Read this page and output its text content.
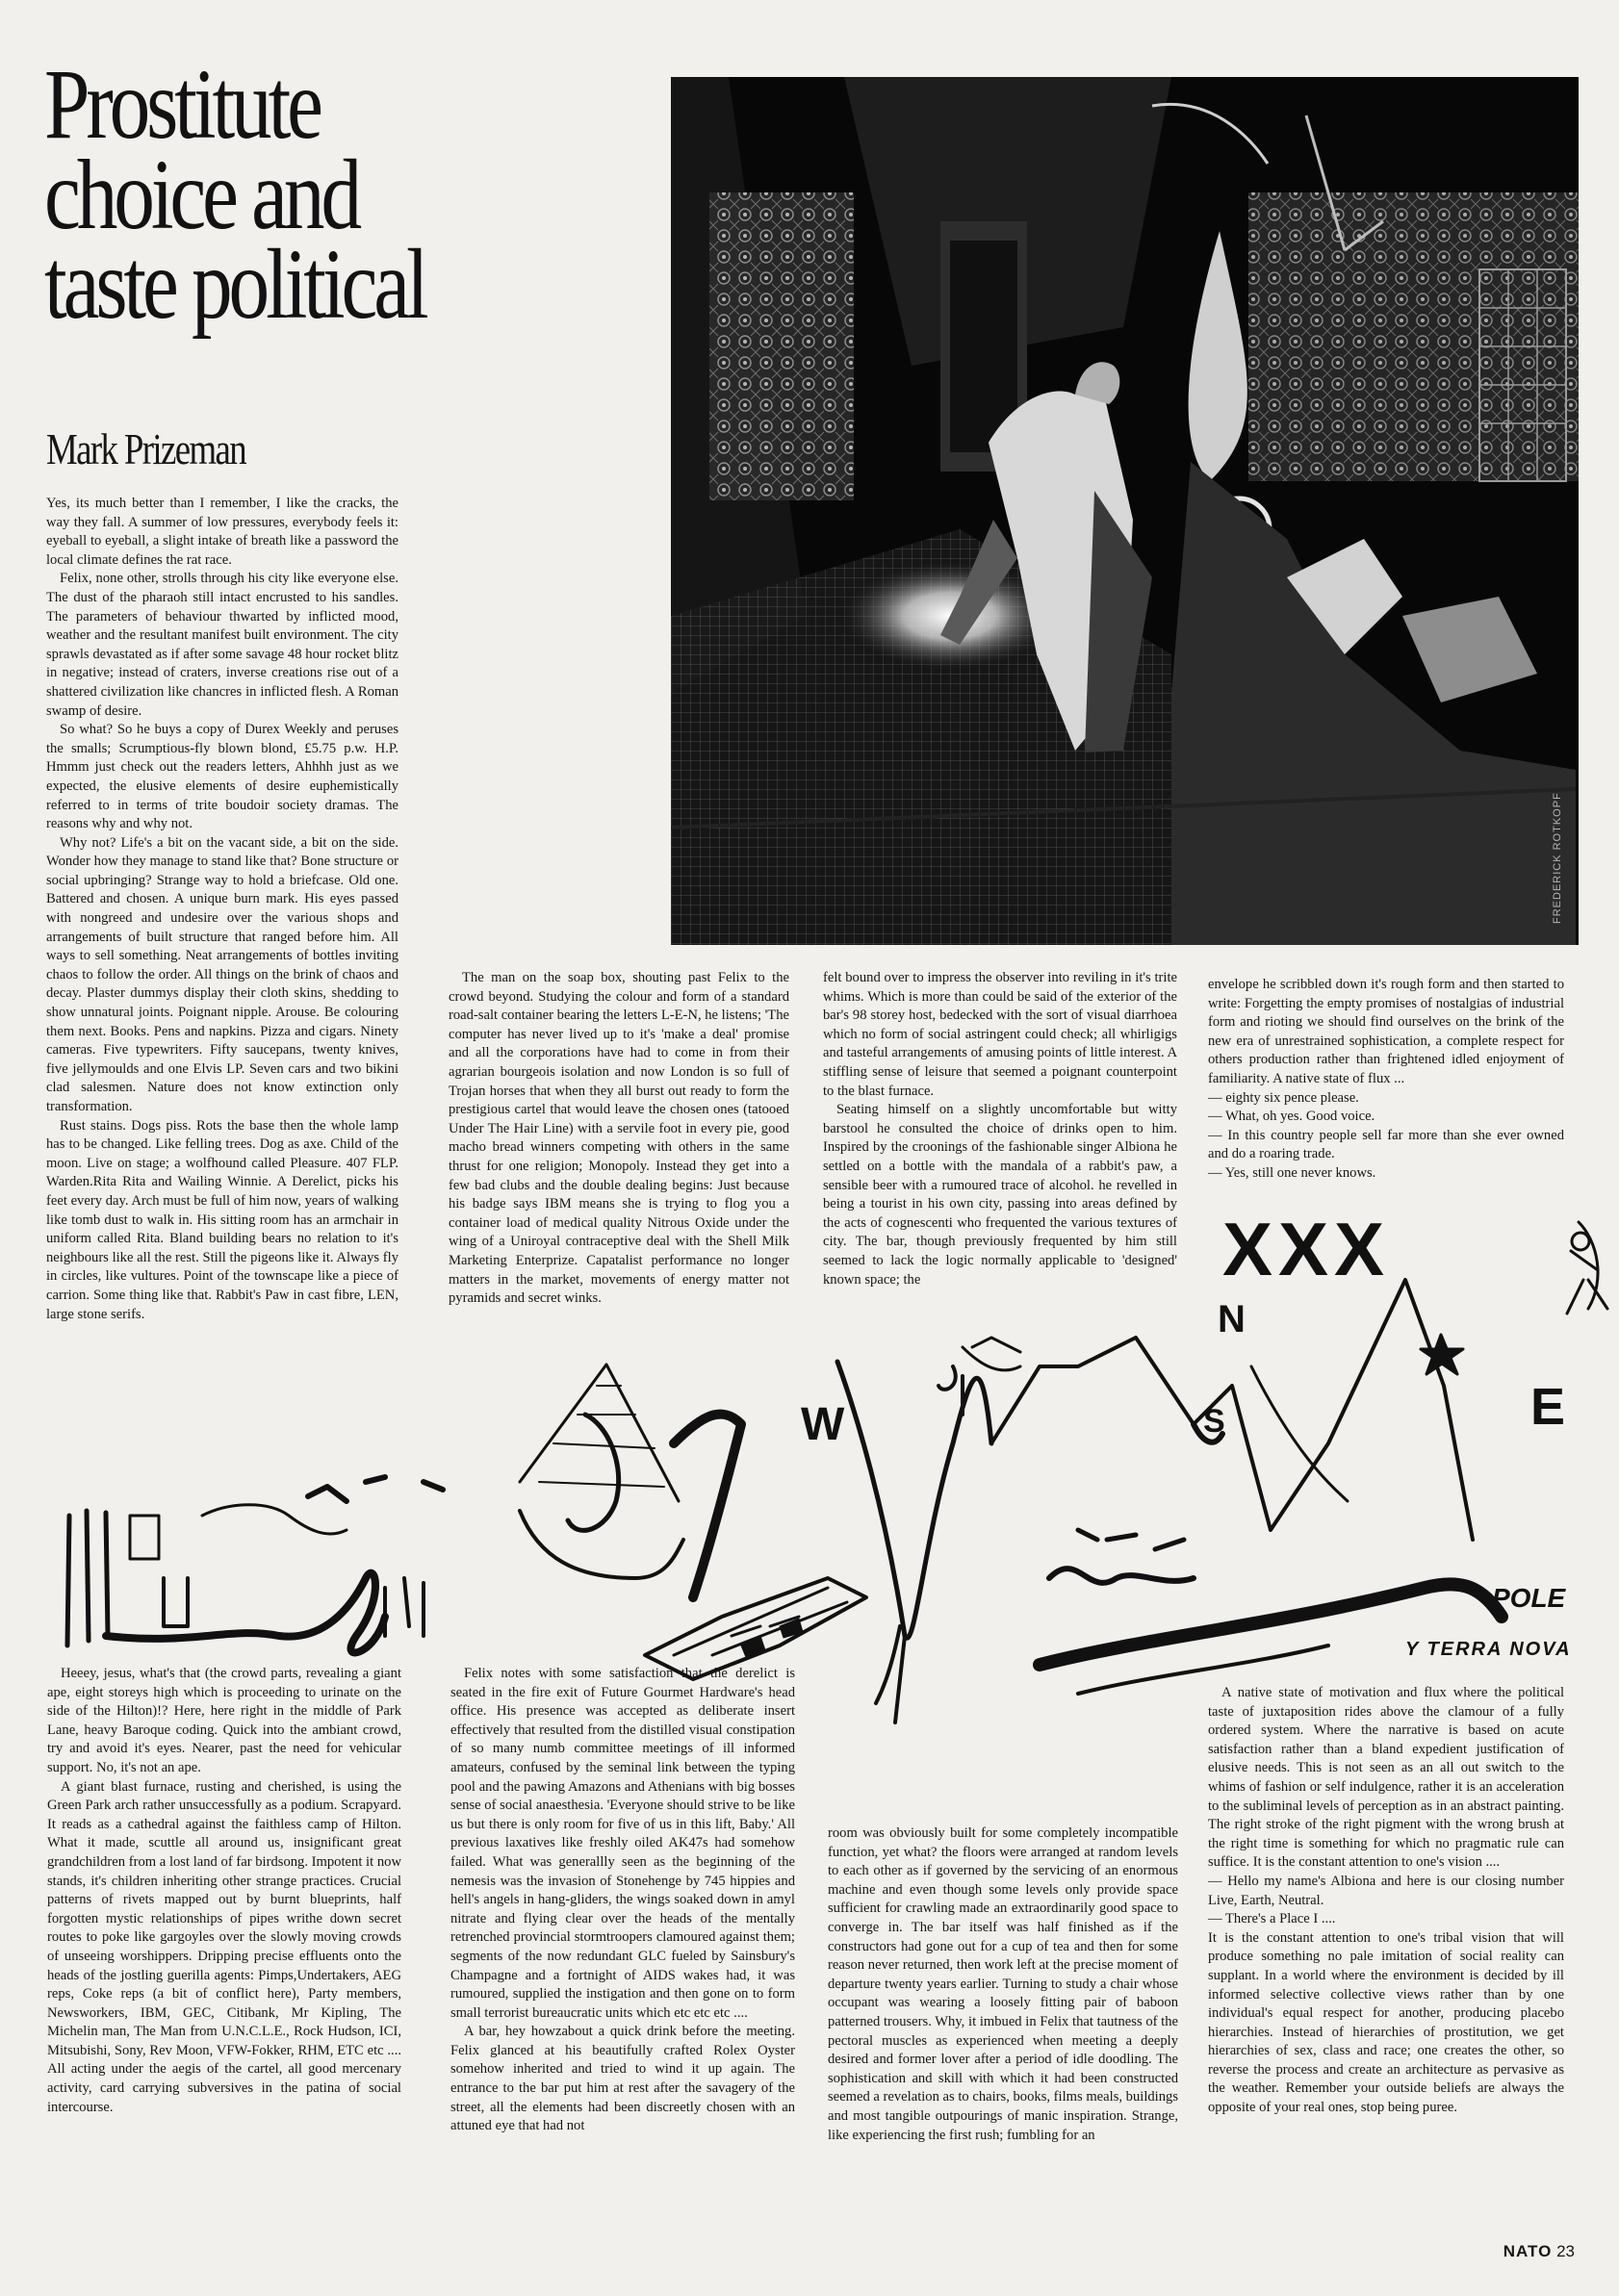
Prostitute
choice and
taste political
Mark Prizeman
FREDERICK ROTKOPF

Yes, its much better than I remember, I like the cracks, the way they fall. A summer of low pressures, everybody feels it: eyeball to eyeball, a slight intake of breath like a password the local climate defines the rat race.

Felix, none other, strolls through his city like everyone else. The dust of the pharaoh still intact encrusted to his sandles. The parameters of behaviour thwarted by inflicted mood, weather and the resultant manifest built environment. The city sprawls devastated as if after some savage 48 hour rocket blitz in negative; instead of craters, inverse creations rise out of a shattered civilization like chancres in inflicted flesh. A Roman swamp of desire.

So what? So he buys a copy of Durex Weekly and peruses the smalls; Scrumptious-fly blown blond, £5.75 p.w. H.P. Hmmm just check out the readers letters, Ahhhh just as we expected, the elusive elements of desire euphemistically referred to in terms of trite boudoir society dramas. The reasons why and why not.

Why not? Life's a bit on the vacant side, a bit on the side. Wonder how they manage to stand like that? Bone structure or social upbringing? Strange way to hold a briefcase. Old one. Battered and chosen. A unique burn mark. His eyes passed with nongreed and undesire over the various shops and arrangements of built structure that ranged before him. All ways to sell something. Neat arrangements of bottles inviting chaos to follow the order. All things on the brink of chaos and decay. Plaster dummys display their cloth skins, shedding to show unnatural joints. Poignant nipple. Arouse. Be colouring them next. Books. Pens and napkins. Pizza and cigars. Ninety cameras. Five typewriters. Fifty saucepans, twenty knives, five jellymoulds and one Elvis LP. Seven cars and two bikini clad salesmen. Nature does not know extinction only transformation.

Rust stains. Dogs piss. Rots the base then the whole lamp has to be changed. Like felling trees. Dog as axe. Child of the moon. Live on stage; a wolfhound called Pleasure. 407 FLP. Warden.Rita Rita and Wailing Winnie. A Derelict, picks his feet every day. Arch must be full of him now, years of walking like tomb dust to walk in. His sitting room has an armchair in uniform called Rita. Bland building bears no relation to it's neighbours like all the rest. Still the pigeons like it. Always fly in circles, like vultures. Point of the townscape like a piece of carrion. Some thing like that. Rabbit's Paw in cast fibre, LEN, large stone serifs.

The man on the soap box, shouting past Felix to the crowd beyond. Studying the colour and form of a standard road-salt container bearing the letters L-E-N, he listens; 'The computer has never lived up to it's 'make a deal' promise and all the corporations have had to come in from their agrarian bourgeois isolation and now London is so full of Trojan horses that when they all burst out ready to form the prestigious cartel that would leave the chosen ones (tatooed Under The Hair Line) with a servile foot in every pie, good macho bread winners competing with others in the same thrust for one religion; Monopoly. Instead they get into a few bad clubs and the double dealing begins: Just because his badge says IBM means she is trying to flog you a container load of medical quality Nitrous Oxide under the wing of a Uniroyal contraceptive deal with the Shell Milk Marketing Enterprize. Capatalist performance no longer matters in the market, movements of energy matter not pyramids and secret winks.

felt bound over to impress the observer into reviling in it's trite whims. Which is more than could be said of the exterior of the bar's 98 storey host, bedecked with the sort of visual diarrhoea which no form of social astringent could check; all whirligigs and tasteful arrangements of amusing points of little interest. A stiffling sense of leisure that seemed a poignant counterpoint to the blast furnace.

Seating himself on a slightly uncomfortable but witty barstool he consulted the choice of drinks open to him. Inspired by the croonings of the fashionable singer Albiona he settled on a bottle with the mandala of a rabbit's paw, a sensible beer with a rumoured trace of alcohol. he revelled in being a tourist in his own city, passing into areas defined by the acts of cognescenti who frequented the various textures of city. The bar, though previously frequented by him still seemed to lack the logic normally applicable to 'designed' known space; the

envelope he scribbled down it's rough form and then started to write: Forgetting the empty promises of nostalgias of industrial form and rioting we should find ourselves on the brink of the new era of unrestrained sophistication, a complete respect for others production rather than frightened idled enjoyment of familiarity. A native state of flux ...

— eighty six pence please.

— What, oh yes. Good voice.

— In this country people sell far more than she ever owned and do a roaring trade.

— Yes, still one never knows.

W
XXX
N
E
S
POLE
Y TERRA NOVA

Heeey, jesus, what's that (the crowd parts, revealing a giant ape, eight storeys high which is proceeding to urinate on the side of the Hilton)!? Here, here right in the middle of Park Lane, heavy Baroque coding. Quick into the ambiant crowd, try and avoid it's eyes. Nearer, past the need for vehicular support. No, it's not an ape.

A giant blast furnace, rusting and cherished, is using the Green Park arch rather unsuccessfully as a podium. Scrapyard. It reads as a cathedral against the faithless camp of Hilton. What it made, scuttle all around us, insignificant great grandchildren from a lost land of far birdsong. Impotent it now stands, it's children inheriting other strange practices. Crucial patterns of rivets mapped out by burnt blueprints, half forgotten mystic relationships of pipes writhe down secret routes to poke like gargoyles over the slowly moving crowds of unseeing worshippers. Dripping precise effluents onto the heads of the jostling guerilla agents: Pimps,Undertakers, AEG reps, Coke reps (a bit of conflict here), Party members, Newsworkers, IBM, GEC, Citibank, Mr Kipling, The Michelin man, The Man from U.N.C.L.E., Rock Hudson, ICI, Mitsubishi, Sony, Rev Moon, VFW-Fokker, RHM, ETC etc .... All acting under the aegis of the cartel, all good mercenary activity, card carrying subversives in the patina of social intercourse.

Felix notes with some satisfaction that the derelict is seated in the fire exit of Future Gourmet Hardware's head office. His presence was accepted as deliberate insert effectively that resulted from the distilled visual constipation of so many numb committee meetings of ill informed amateurs, confused by the seminal link between the typing pool and the pawing Amazons and Athenians with big bosses sense of social anaesthesia. 'Everyone should strive to be like us but there is only room for five of us in this lift, Baby.' All previous laxatives like freshly oiled AK47s had somehow failed. What was generallly seen as the beginning of the nemesis was the invasion of Stonehenge by 745 hippies and hell's angels in hang-gliders, the wings soaked down in amyl nitrate and flying clear over the heads of the mentally retrenched provincial stormtroopers clamoured against them; segments of the now redundant GLC fueled by Sainsbury's Champagne and a fortnight of AIDS wakes had, it was rumoured, supplied the instigation and then gone on to form small terrorist bureaucratic units which etc etc etc ....

A bar, hey howzabout a quick drink before the meeting. Felix glanced at his beautifully crafted Rolex Oyster somehow inherited and tried to wind it up again. The entrance to the bar put him at rest after the savagery of the street, all the elements had been discreetly chosen with an attuned eye that had not

room was obviously built for some completely incompatible function, yet what? the floors were arranged at random levels to each other as if governed by the servicing of an enormous machine and even though some levels only provide space sufficient for crawling made an extraordinarily good space to converge in. The bar itself was half finished as if the constructors had gone out for a cup of tea and then for some reason never returned, then work left at the precise moment of departure twenty years earlier. Turning to study a chair whose occupant was wearing a loosely fitting pair of baboon patterned trousers. Why, it imbued in Felix that tautness of the pectoral muscles as experienced when meeting a deeply desired and former lover after a period of idle doodling. The sophistication and skill with which it had been constructed seemed a revelation as to chairs, books, films meals, buildings and most tangible outpourings of manic inspiration. Strange, like experiencing the first rush; fumbling for an

A native state of motivation and flux where the political taste of juxtaposition rides above the clamour of a fully ordered system. Where the narrative is based on acute satisfaction rather than a bland expedient justification of elusive needs. This is not seen as an all out switch to the whims of fashion or self indulgence, rather it is an acceleration to the subliminal levels of perception as in an abstract painting. The right stroke of the right pigment with the wrong brush at the right time is something for which no pragmatic rule can suffice. It is the constant attention to one's vision ....

— Hello my name's Albiona and here is our closing number Live, Earth, Neutral.

— There's a Place I ....

It is the constant attention to one's tribal vision that will produce something no pale imitation of social reality can supplant. In a world where the environment is decided by ill informed selective collective views rather than by one individual's equal respect for another, producing placebo hierarchies. Instead of hierarchies of prostitution, we get hierarchies of sex, class and race; one creates the other, so reverse the process and create an architecture as pervasive as the weather. Remember your outside beliefs are always the opposite of your real ones, stop being puree.

NATO 23
